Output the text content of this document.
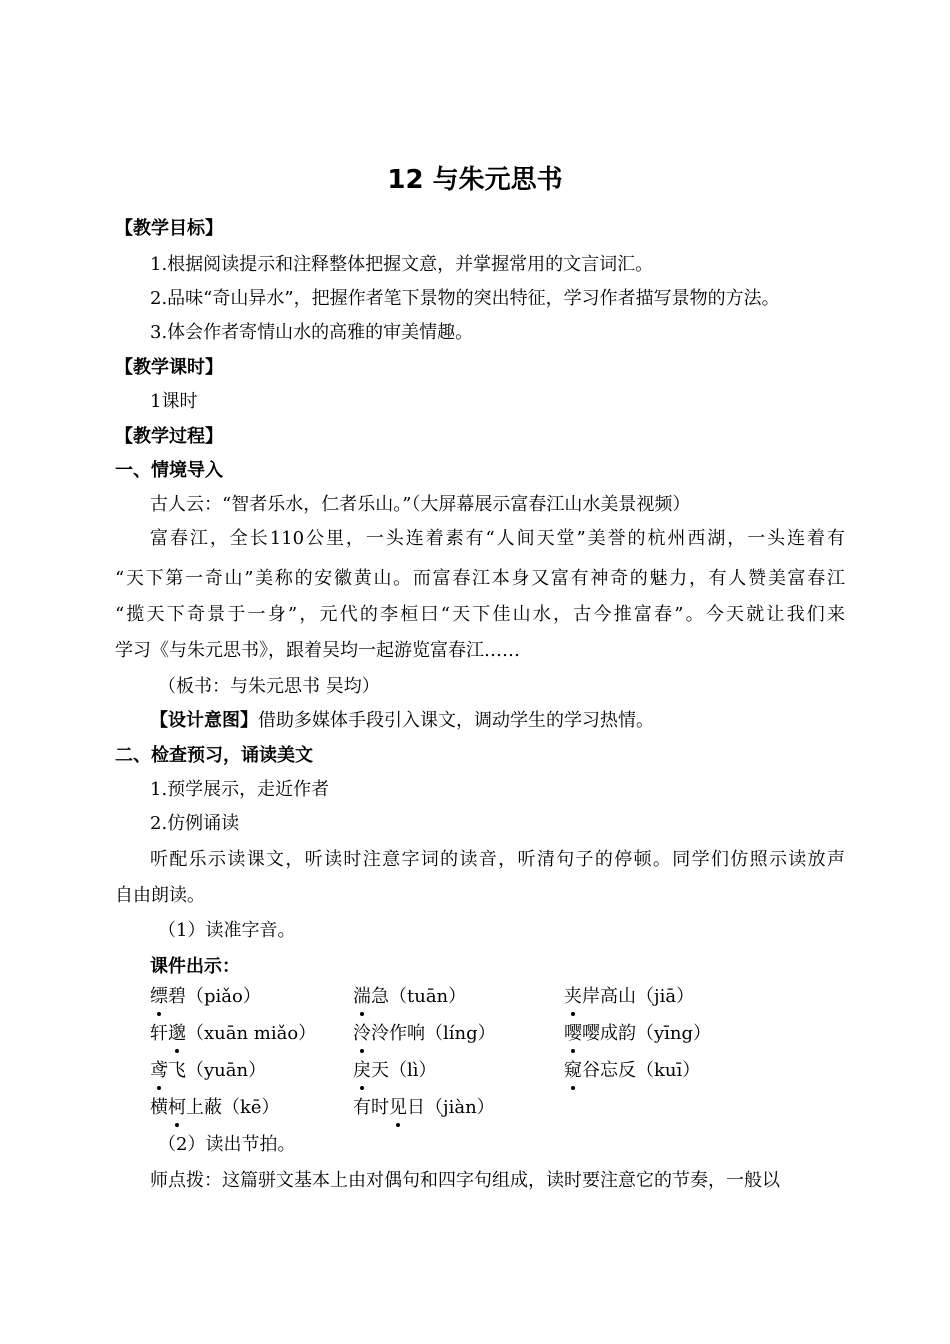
12 与朱元思书
【教学目标】
1.根据阅读提示和注释整体把握文意，并掌握常用的文言词汇。
2.品味“奇山异水”，把握作者笔下景物的突出特征，学习作者描写景物的方法。
3.体会作者寄情山水的高雅的审美情趣。
【教学课时】
1课时
【教学过程】
一、情境导入
古人云：“智者乐水，仁者乐山。”（大屏幕展示富春江山水美景视频）
富春江，全长110公里，一头连着素有“人间天堂”美誉的杭州西湖，一头连着有
“天下第一奇山”美称的安徽黄山。而富春江本身又富有神奇的魅力，有人赞美富春江
“揽天下奇景于一身”，元代的李桓曰“天下佳山水，古今推富春”。今天就让我们来
学习《与朱元思书》，跟着吴均一起游览富春江……
（板书：与朱元思书 吴均）
【设计意图】借助多媒体手段引入课文，调动学生的学习热情。
二、检查预习，诵读美文
1.预学展示，走近作者
2.仿例诵读
听配乐示读课文，听读时注意字词的读音，听清句子的停顿。同学们仿照示读放声
自由朗读。
（1）读准字音。
课件出示：
缥碧（piǎo）	湍急（tuān）	夹岸高山（jiā）
轩邈（xuān miǎo） 泠泠作响（líng）	嘤嘤成韵（yīng）
鸢飞（yuān）	戾天（lì）	窥谷忘反（kuī）
横柯上蔽（kē）	有时见日（jiàn）
（2）读出节拍。
师点拨：这篇骈文基本上由对偶句和四字句组成，读时要注意它的节奏，一般以
